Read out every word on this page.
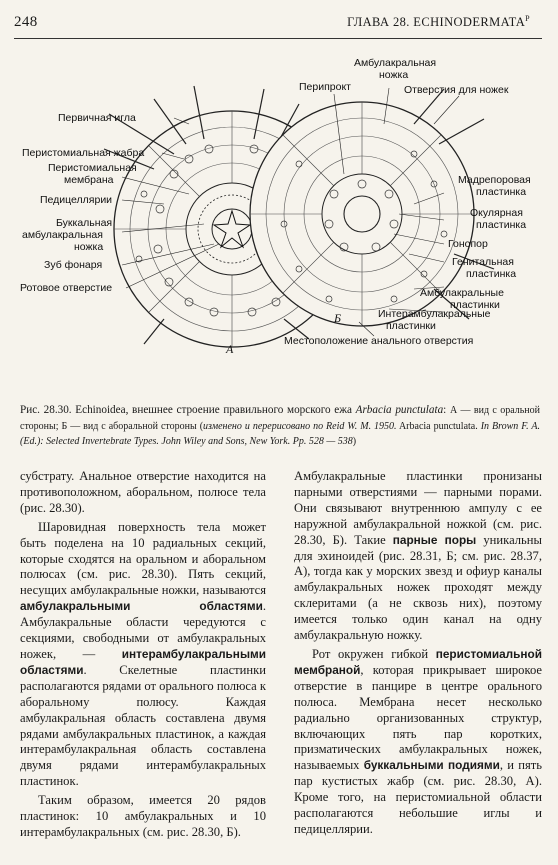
248	ГЛАВА 28. $ECHINODERMATA^P$
Первичная игла
Перистомиальная жабра
Перистомиальная
мембрана
Педицеллярии
Буккальная
амбулакральная
ножка
Зуб фонаря
Ротовое отверстие
Перипрокт
Амбулакральная
ножка
Отверстия для ножек
Мадрепоровая
пластинка
Окулярная
пластинка
Гонопор
Генитальная
пластинка
Амбулакральные
пластинки
Интерамбулакральные
пластинки
Местоположение анального отверстия
А
Б
Рис. 28.30. Echinoidea, внешнее строение правильного морского ежа Arbacia punctulata: А — вид с оральной стороны; Б — вид с аборальной стороны (изменено и перерисовано по Reid W. M. 1950. Arbacia punctulata. In Brown F. A. (Ed.): Selected Invertebrate Types. John Wiley and Sons, New York. Pp. 528 — 538)

субстрату. Анальное отверстие находится на противоположном, аборальном, полюсе тела (рис. 28.30).

Шаровидная поверхность тела может быть поделена на 10 радиальных секций, которые сходятся на оральном и аборальном полюсах (см. рис. 28.30). Пять секций, несущих амбулакральные ножки, называются амбулакральными областями. Амбулакральные области чередуются с секциями, свободными от амбулакральных ножек, — интерамбулакральными областями. Скелетные пластинки располагаются рядами от орального полюса к аборальному полюсу. Каждая амбулакральная область составлена двумя рядами амбулакральных пластинок, а каждая интерамбулакральная область составлена двумя рядами интерамбулакральных пластинок.

Таким образом, имеется 20 рядов пластинок: 10 амбулакральных и 10 интерамбулакральных (см. рис. 28.30, Б).

Амбулакральные пластинки пронизаны парными отверстиями — парными порами. Они связывают внутреннюю ампулу с ее наружной амбулакральной ножкой (см. рис. 28.30, Б). Такие парные поры уникальны для эхиноидей (рис. 28.31, Б; см. рис. 28.37, А), тогда как у морских звезд и офиур каналы амбулакральных ножек проходят между склеритами (а не сквозь них), поэтому имеется только один канал на одну амбулакральную ножку.

Рот окружен гибкой перистомиальной мембраной, которая прикрывает широкое отверстие в панцире в центре орального полюса. Мембрана несет несколько радиально организованных структур, включающих пять пар коротких, призматических амбулакральных ножек, называемых буккальными подиями, и пять пар кустистых жабр (см. рис. 28.30, А). Кроме того, на перистомиальной области располагаются небольшие иглы и педицеллярии.
